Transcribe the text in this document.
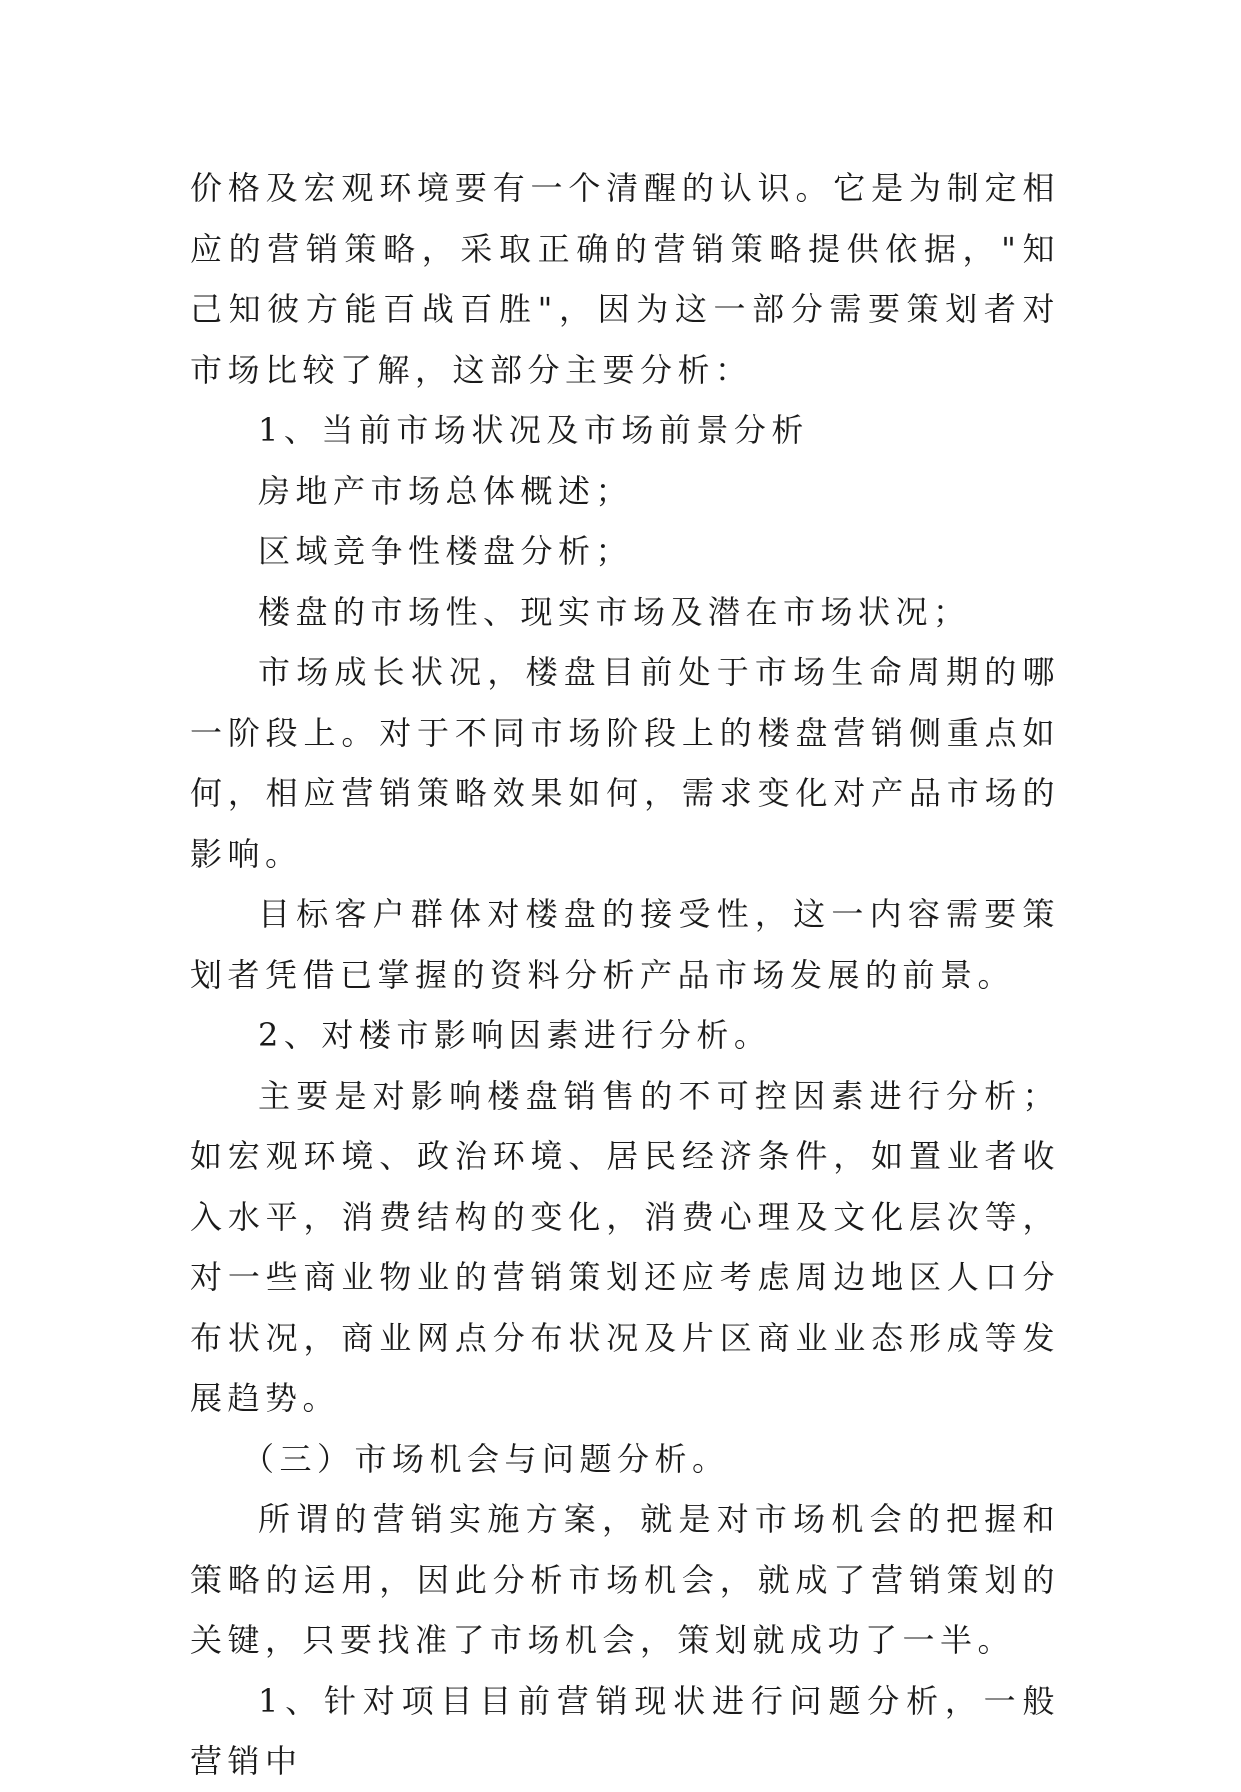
价格及宏观环境要有一个清醒的认识。它是为制定相应的营销策略，采取正确的营销策略提供依据，"知己知彼方能百战百胜"，因为这一部分需要策划者对市场比较了解，这部分主要分析：

1、当前市场状况及市场前景分析

房地产市场总体概述；

区域竞争性楼盘分析；

楼盘的市场性、现实市场及潜在市场状况；

市场成长状况，楼盘目前处于市场生命周期的哪一阶段上。对于不同市场阶段上的楼盘营销侧重点如何，相应营销策略效果如何，需求变化对产品市场的影响。

目标客户群体对楼盘的接受性，这一内容需要策划者凭借已掌握的资料分析产品市场发展的前景。

2、对楼市影响因素进行分析。

主要是对影响楼盘销售的不可控因素进行分析；如宏观环境、政治环境、居民经济条件，如置业者收入水平，消费结构的变化，消费心理及文化层次等，对一些商业物业的营销策划还应考虑周边地区人口分布状况，商业网点分布状况及片区商业业态形成等发展趋势。

（三）市场机会与问题分析。

所谓的营销实施方案，就是对市场机会的把握和策略的运用，因此分析市场机会，就成了营销策划的关键，只要找准了市场机会，策划就成功了一半。

1、针对项目目前营销现状进行问题分析，一般营销中
